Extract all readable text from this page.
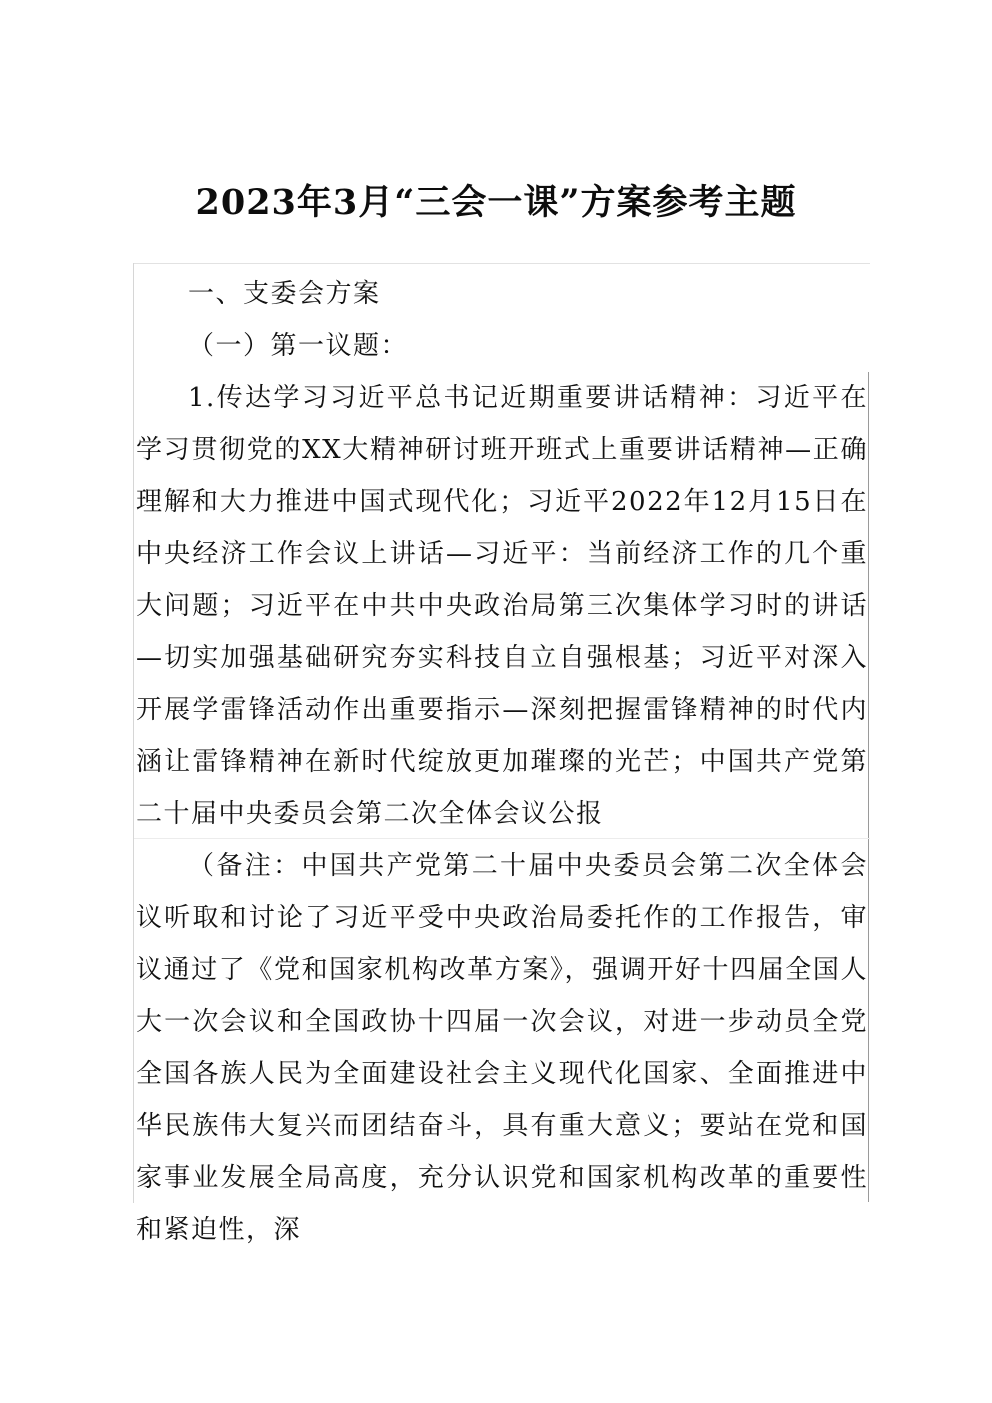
2023年3月“三会一课”方案参考主题

一、支委会方案

（一）第一议题：

1.传达学习习近平总书记近期重要讲话精神：习近平在学习贯彻党的XX大精神研讨班开班式上重要讲话精神—正确理解和大力推进中国式现代化；习近平2022年12月15日在中央经济工作会议上讲话—习近平：当前经济工作的几个重大问题；习近平在中共中央政治局第三次集体学习时的讲话—切实加强基础研究夯实科技自立自强根基；习近平对深入开展学雷锋活动作出重要指示—深刻把握雷锋精神的时代内涵让雷锋精神在新时代绽放更加璀璨的光芒；中国共产党第二十届中央委员会第二次全体会议公报

（备注：中国共产党第二十届中央委员会第二次全体会议听取和讨论了习近平受中央政治局委托作的工作报告，审议通过了《党和国家机构改革方案》，强调开好十四届全国人大一次会议和全国政协十四届一次会议，对进一步动员全党全国各族人民为全面建设社会主义现代化国家、全面推进中华民族伟大复兴而团结奋斗，具有重大意义；要站在党和国家事业发展全局高度，充分认识党和国家机构改革的重要性和紧迫性，深
